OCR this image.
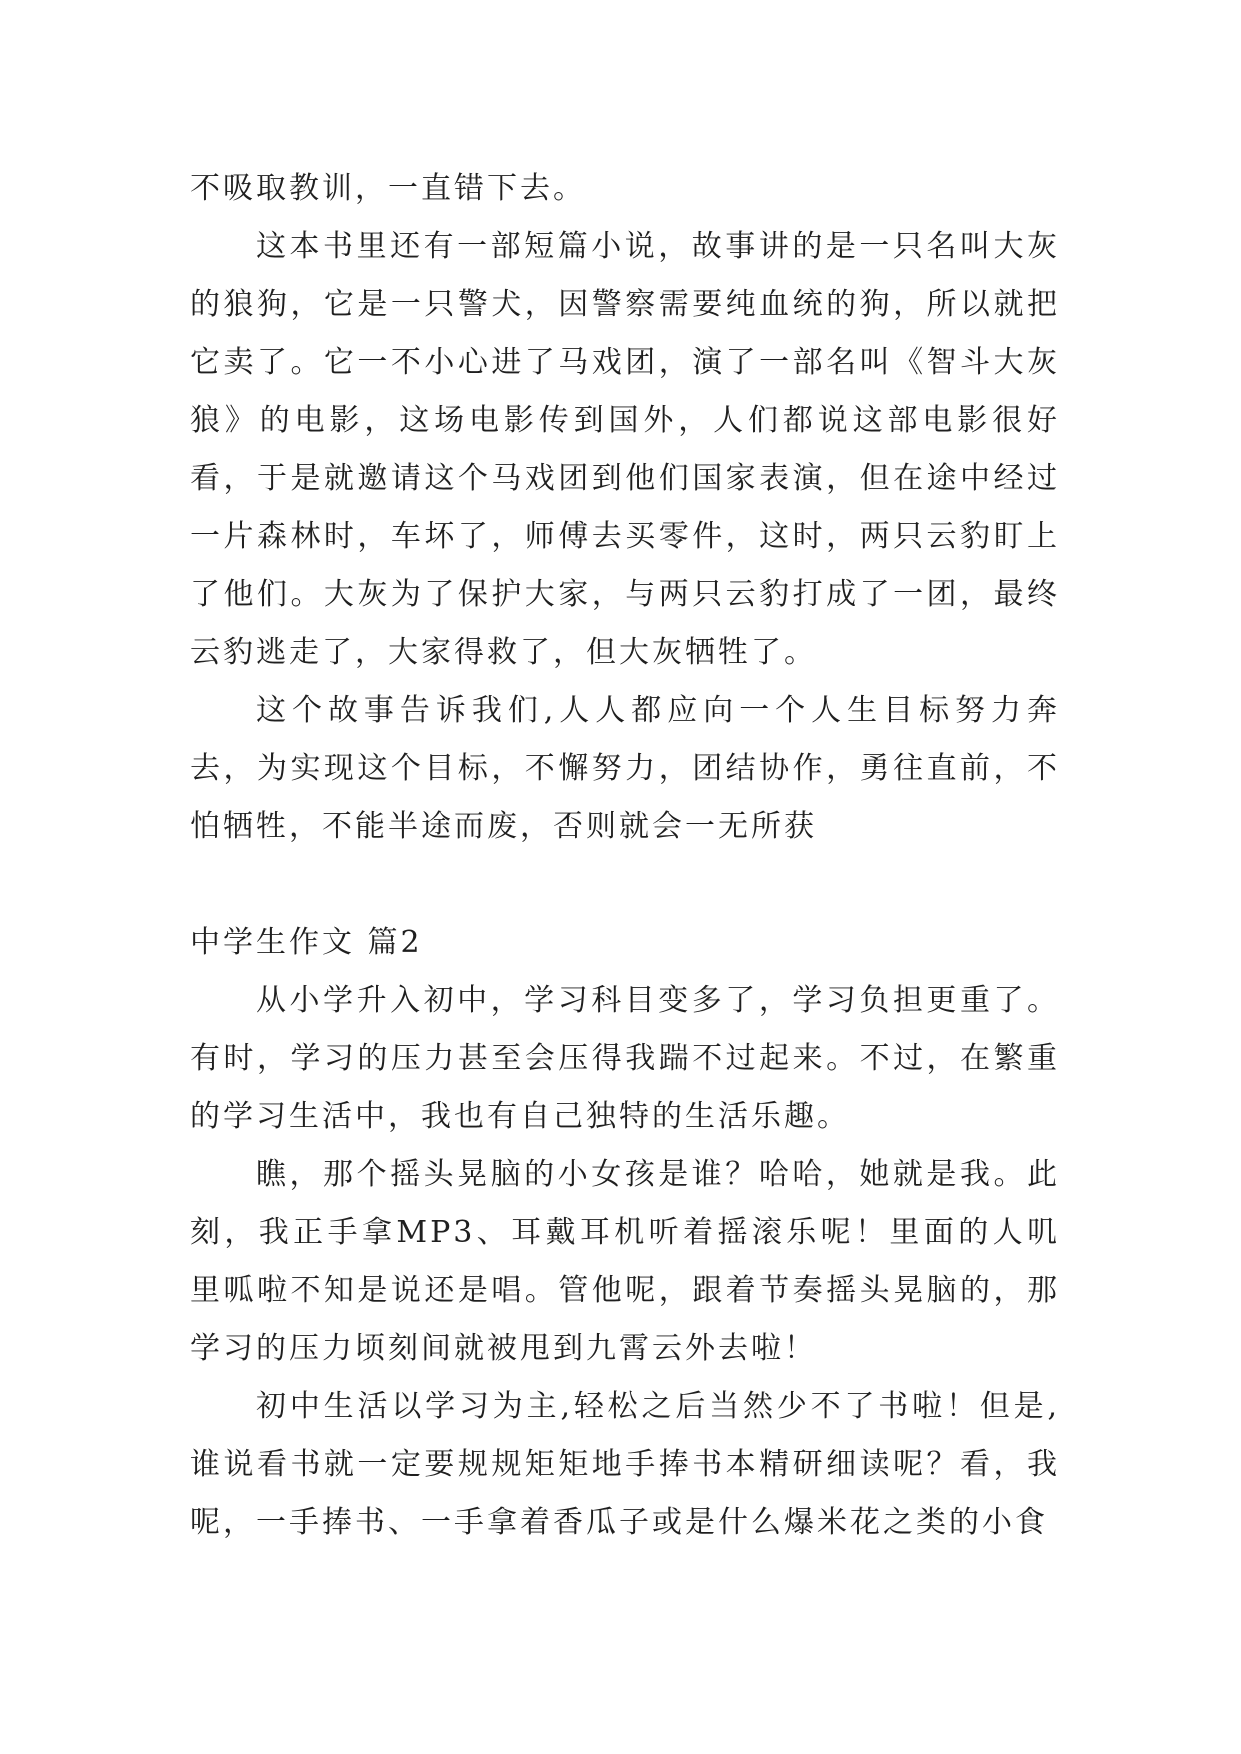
不吸取教训，一直错下去。

这本书里还有一部短篇小说，故事讲的是一只名叫大灰的狼狗，它是一只警犬，因警察需要纯血统的狗，所以就把它卖了。它一不小心进了马戏团，演了一部名叫《智斗大灰狼》的电影，这场电影传到国外，人们都说这部电影很好看，于是就邀请这个马戏团到他们国家表演，但在途中经过一片森林时，车坏了，师傅去买零件，这时，两只云豹盯上了他们。大灰为了保护大家，与两只云豹打成了一团，最终云豹逃走了，大家得救了，但大灰牺牲了。

这个故事告诉我们,人人都应向一个人生目标努力奔去，为实现这个目标，不懈努力，团结协作，勇往直前，不怕牺牲，不能半途而废，否则就会一无所获

中学生作文 篇2

从小学升入初中，学习科目变多了，学习负担更重了。有时，学习的压力甚至会压得我踹不过起来。不过，在繁重的学习生活中，我也有自己独特的生活乐趣。

瞧，那个摇头晃脑的小女孩是谁？哈哈，她就是我。此刻，我正手拿MP3、耳戴耳机听着摇滚乐呢！里面的人叽里呱啦不知是说还是唱。管他呢，跟着节奏摇头晃脑的，那学习的压力顷刻间就被甩到九霄云外去啦！

初中生活以学习为主,轻松之后当然少不了书啦！但是,谁说看书就一定要规规矩矩地手捧书本精研细读呢？看，我呢，一手捧书、一手拿着香瓜子或是什么爆米花之类的小食
